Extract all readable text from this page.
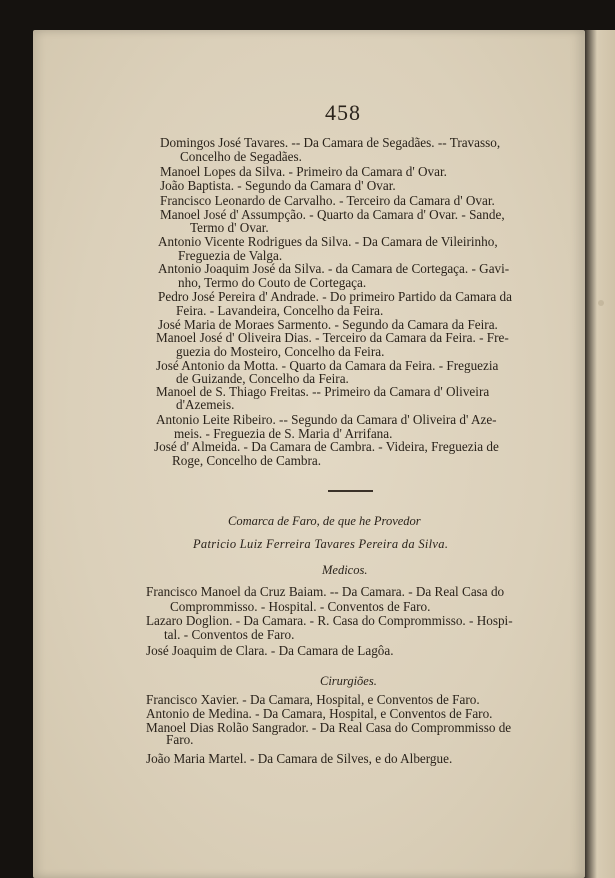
458
Domingos José Tavares. -- Da Camara de Segadães. -- Travasso,
Concelho de Segadães.
Manoel Lopes da Silva. - Primeiro da Camara d' Ovar.
João Baptista. - Segundo da Camara d' Ovar.
Francisco Leonardo de Carvalho. - Terceiro da Camara d' Ovar.
Manoel José d' Assumpção. - Quarto da Camara d' Ovar. - Sande,
Termo d' Ovar.
Antonio Vicente Rodrigues da Silva. - Da Camara de Vileirinho,
Freguezia de Valga.
Antonio Joaquim José da Silva. - da Camara de Cortegaça. - Gavi-
nho, Termo do Couto de Cortegaça.
Pedro José Pereira d' Andrade. - Do primeiro Partido da Camara da
Feira. - Lavandeira, Concelho da Feira.
José Maria de Moraes Sarmento. - Segundo da Camara da Feira.
Manoel José d' Oliveira Dias. - Terceiro da Camara da Feira. - Fre-
guezia do Mosteiro, Concelho da Feira.
José Antonio da Motta. - Quarto da Camara da Feira. - Freguezia
de Guizande, Concelho da Feira.
Manoel de S. Thiago Freitas. -- Primeiro da Camara d' Oliveira
d'Azemeis.
Antonio Leite Ribeiro. -- Segundo da Camara d' Oliveira d' Aze-
meis. - Freguezia de S. Maria d' Arrifana.
José d' Almeida. - Da Camara de Cambra. - Videira, Freguezia de
Roge, Concelho de Cambra.
Comarca de Faro, de que he Provedor
Patricio Luiz Ferreira Tavares Pereira da Silva.
Medicos.
Francisco Manoel da Cruz Baiam. -- Da Camara. - Da Real Casa do
Comprommisso. - Hospital. - Conventos de Faro.
Lazaro Doglion. - Da Camara. - R. Casa do Comprommisso. - Hospi-
tal. - Conventos de Faro.
José Joaquim de Clara. - Da Camara de Lagôa.
Cirurgiões.
Francisco Xavier. - Da Camara, Hospital, e Conventos de Faro.
Antonio de Medina. - Da Camara, Hospital, e Conventos de Faro.
Manoel Dias Rolão Sangrador. - Da Real Casa do Comprommisso de
Faro.
João Maria Martel. - Da Camara de Silves, e do Albergue.
